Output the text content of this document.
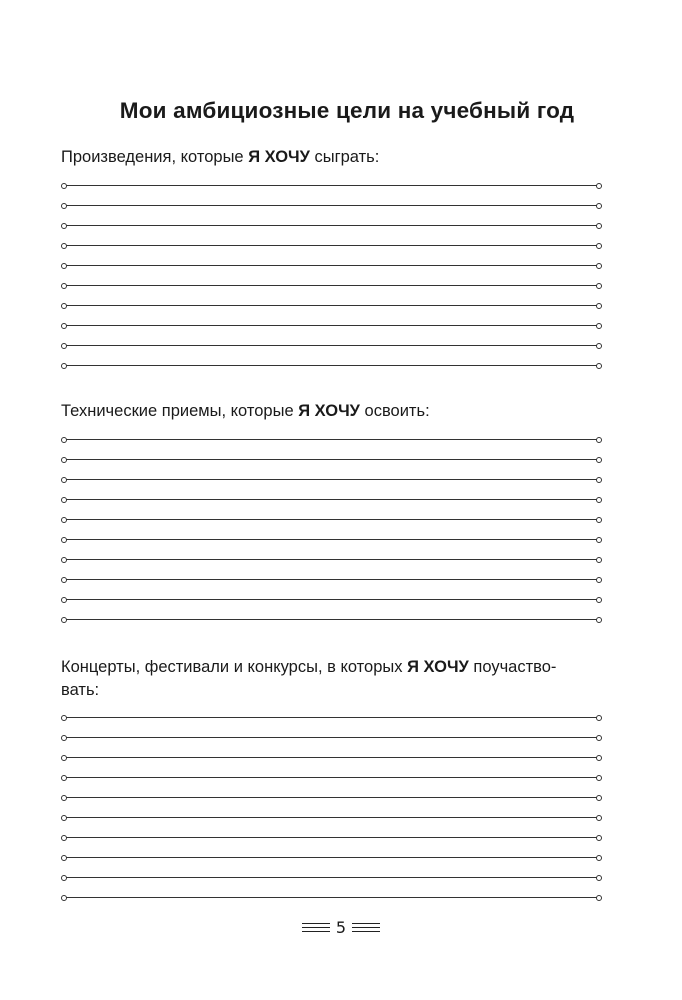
Мои амбициозные цели на учебный год
Произведения, которые Я ХОЧУ сыграть:
Технические приемы, которые Я ХОЧУ освоить:
Концерты, фестивали и конкурсы, в которых Я ХОЧУ поучаство-
вать:
5
